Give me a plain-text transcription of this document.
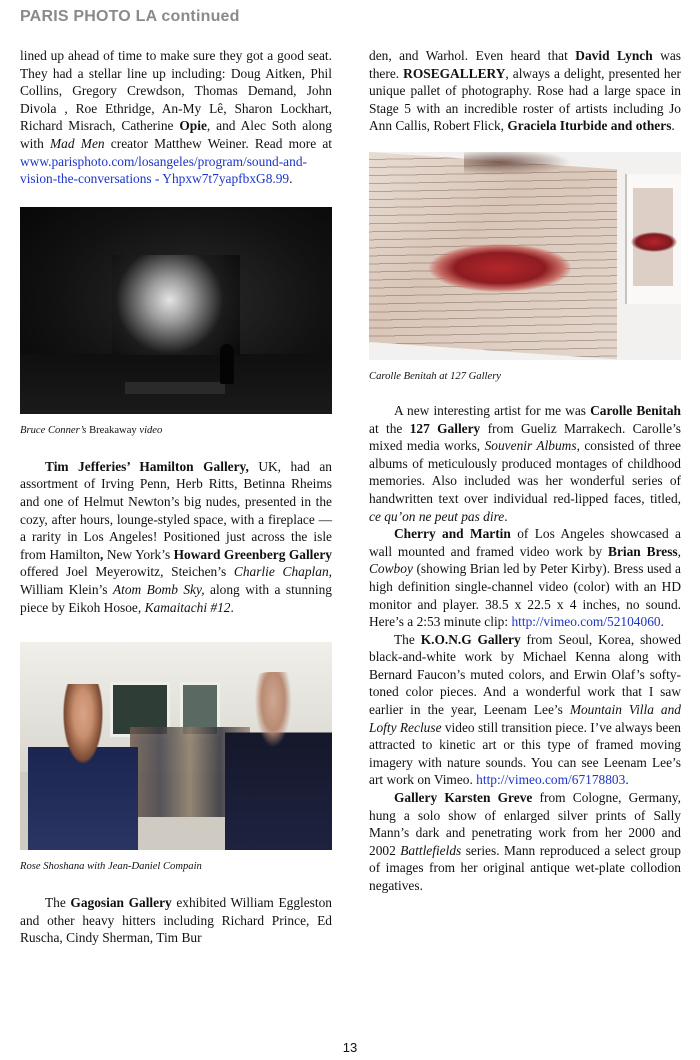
PARIS PHOTO LA continued

lined up ahead of time to make sure they got a good seat. They had a stellar line up including: Doug Aitken, Phil Collins, Gregory Crewdson, Thomas Demand, John Divola , Roe Ethridge, An-My Lê, Sharon Lockhart, Richard Misrach, Catherine Opie, and Alec Soth along with Mad Men creator Matthew Weiner. Read more at www.parisphoto.com/losangeles/program/sound-and-vision-the-conversations - Yhpxw7t7yapfbxG8.99.

Bruce Conner’s Breakaway video

Tim Jefferies’ Hamilton Gallery, UK, had an assortment of Irving Penn, Herb Ritts, Betinna Rheims and one of Helmut Newton’s big nudes, presented in the cozy, after hours, lounge-styled space, with a fireplace — a rarity in Los Angeles! Positioned just across the isle from Hamilton, New York’s Howard Greenberg Gallery offered Joel Meyerowitz, Steichen’s Charlie Chaplan, William Klein’s Atom Bomb Sky, along with a stunning piece by Eikoh Hosoe, Kamaitachi #12.

Rose Shoshana with Jean-Daniel Compain

The Gagosian Gallery exhibited William Eggleston and other heavy hitters including Richard Prince, Ed Ruscha, Cindy Sherman, Tim Bur

den, and Warhol. Even heard that David Lynch was there. ROSEGALLERY, always a delight, presented her unique pallet of photography. Rose had a large space in Stage 5 with an incredible roster of artists including Jo Ann Callis, Robert Flick, Graciela Iturbide and others.

Carolle Benitah at 127 Gallery

A new interesting artist for me was Carolle Benitah at the 127 Gallery from Gueliz Marrakech. Carolle’s mixed media works, Souvenir Albums, consisted of three albums of meticulously produced montages of childhood memories. Also included was her wonderful series of handwritten text over individual red-lipped faces, titled, ce qu’on ne peut pas dire.

Cherry and Martin of Los Angeles showcased a wall mounted and framed video work by Brian Bress, Cowboy (showing Brian led by Peter Kirby). Bress used a high definition single-channel video (color) with an HD monitor and player. 38.5 x 22.5 x 4 inches, no sound. Here’s a 2:53 minute clip: http://vimeo.com/52104060.

The K.O.N.G Gallery from Seoul, Korea, showed black-and-white work by Michael Kenna along with Bernard Faucon’s muted colors, and Erwin Olaf’s softy-toned color pieces. And a wonderful work that I saw earlier in the year, Leenam Lee’s Mountain Villa and Lofty Recluse video still transition piece. I’ve always been attracted to kinetic art or this type of framed moving imagery with nature sounds. You can see Leenam Lee’s art work on Vimeo. http://vimeo.com/67178803.

Gallery Karsten Greve from Cologne, Germany, hung a solo show of enlarged silver prints of Sally Mann’s dark and penetrating work from her 2000 and 2002 Battlefields series. Mann reproduced a select group of images from her original antique wet-plate collodion negatives.

13
